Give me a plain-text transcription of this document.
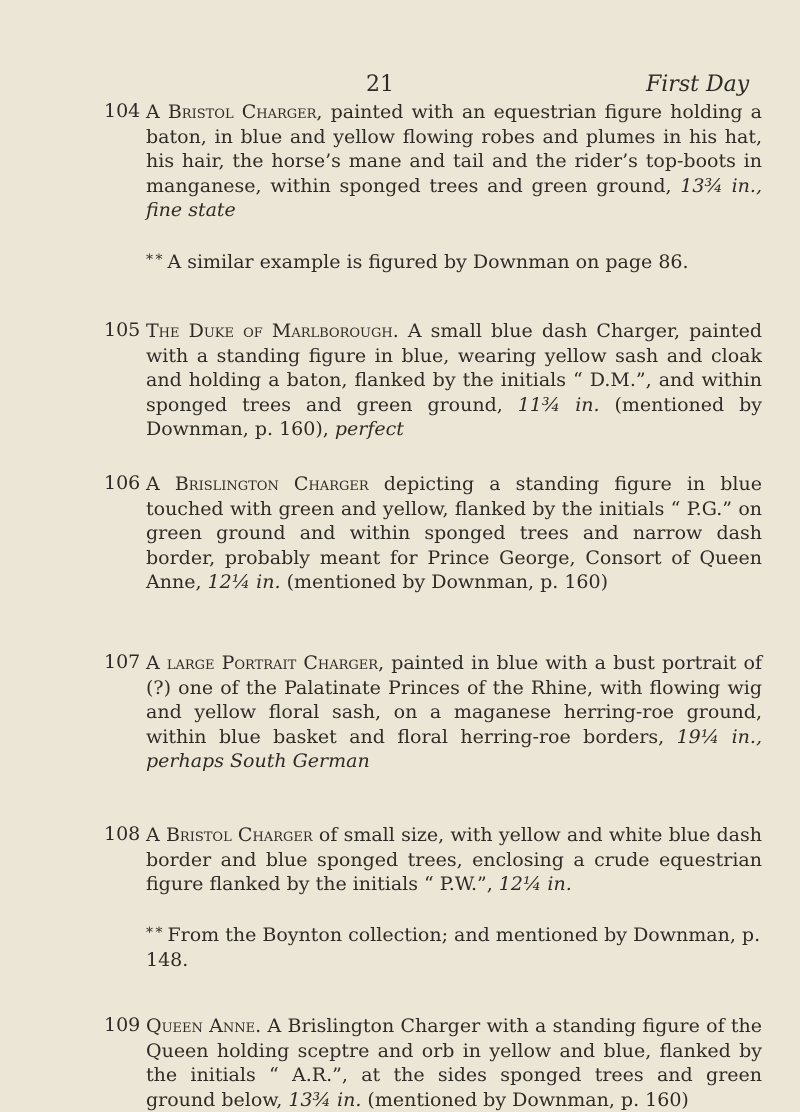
21	First Day
104 A Bristol Charger, painted with an equestrian figure holding a baton, in blue and yellow flowing robes and plumes in his hat, his hair, the horse’s mane and tail and the rider’s top-boots in manganese, within sponged trees and green ground, 13¾ in., fine state
* * A similar example is figured by Downman on page 86.
105 The Duke of Marlborough. A small blue dash Charger, painted with a standing figure in blue, wearing yellow sash and cloak and holding a baton, flanked by the initials “ D.M.”, and within sponged trees and green ground, 11¾ in. (mentioned by Downman, p. 160), perfect
106 A Brislington Charger depicting a standing figure in blue touched with green and yellow, flanked by the initials “ P.G.” on green ground and within sponged trees and narrow dash border, probably meant for Prince George, Consort of Queen Anne, 12¼ in. (mentioned by Downman, p. 160)
107 A large Portrait Charger, painted in blue with a bust portrait of (?) one of the Palatinate Princes of the Rhine, with flowing wig and yellow floral sash, on a maganese herring-roe ground, within blue basket and floral herring-roe borders, 19¼ in., perhaps South German
108 A Bristol Charger of small size, with yellow and white blue dash border and blue sponged trees, enclosing a crude equestrian figure flanked by the initials “ P.W.”, 12¼ in.
* * From the Boynton collection; and mentioned by Downman, p. 148.
109 Queen Anne. A Brislington Charger with a standing figure of the Queen holding sceptre and orb in yellow and blue, flanked by the initials “ A.R.”, at the sides sponged trees and green ground below, 13¾ in. (mentioned by Downman, p. 160)
